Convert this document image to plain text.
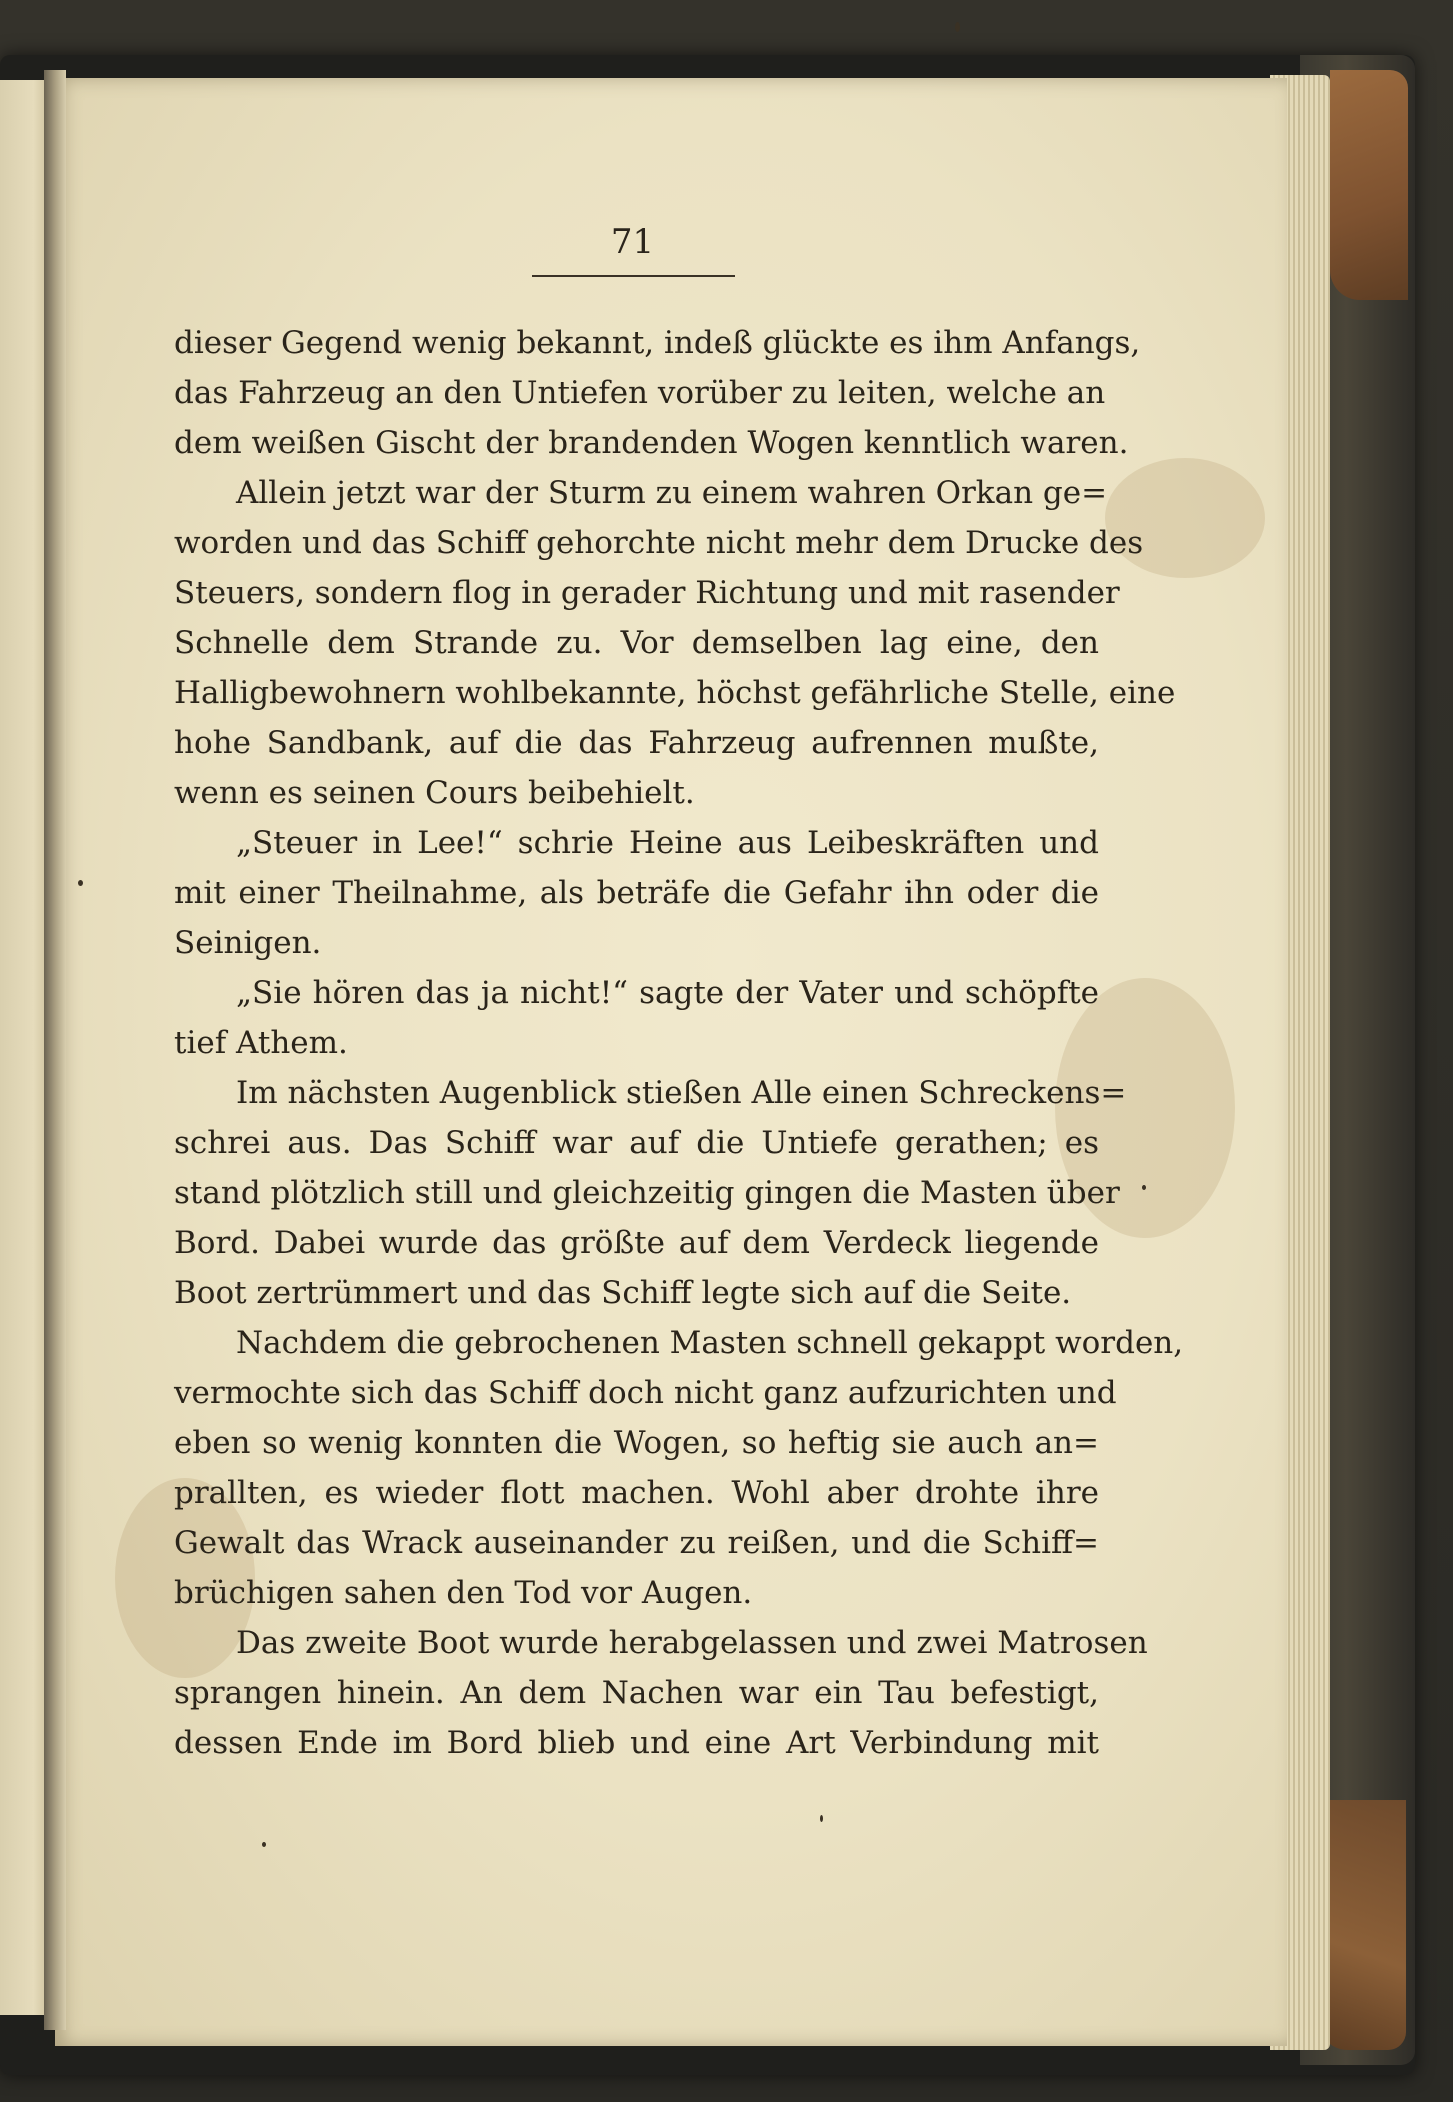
71
dieser Gegend wenig bekannt, indeß glückte es ihm Anfangs,
das Fahrzeug an den Untiefen vorüber zu leiten, welche an
dem weißen Gischt der brandenden Wogen kenntlich waren.
Allein jetzt war der Sturm zu einem wahren Orkan ge=
worden und das Schiff gehorchte nicht mehr dem Drucke des
Steuers, sondern flog in gerader Richtung und mit rasender
Schnelle dem Strande zu. Vor demselben lag eine, den
Halligbewohnern wohlbekannte, höchst gefährliche Stelle, eine
hohe Sandbank, auf die das Fahrzeug aufrennen mußte,
wenn es seinen Cours beibehielt.
„Steuer in Lee!“ schrie Heine aus Leibeskräften und
mit einer Theilnahme, als beträfe die Gefahr ihn oder die
Seinigen.
„Sie hören das ja nicht!“ sagte der Vater und schöpfte
tief Athem.
Im nächsten Augenblick stießen Alle einen Schreckens=
schrei aus. Das Schiff war auf die Untiefe gerathen; es
stand plötzlich still und gleichzeitig gingen die Masten über
Bord. Dabei wurde das größte auf dem Verdeck liegende
Boot zertrümmert und das Schiff legte sich auf die Seite.
Nachdem die gebrochenen Masten schnell gekappt worden,
vermochte sich das Schiff doch nicht ganz aufzurichten und
eben so wenig konnten die Wogen, so heftig sie auch an=
prallten, es wieder flott machen. Wohl aber drohte ihre
Gewalt das Wrack auseinander zu reißen, und die Schiff=
brüchigen sahen den Tod vor Augen.
Das zweite Boot wurde herabgelassen und zwei Matrosen
sprangen hinein. An dem Nachen war ein Tau befestigt,
dessen Ende im Bord blieb und eine Art Verbindung mit
